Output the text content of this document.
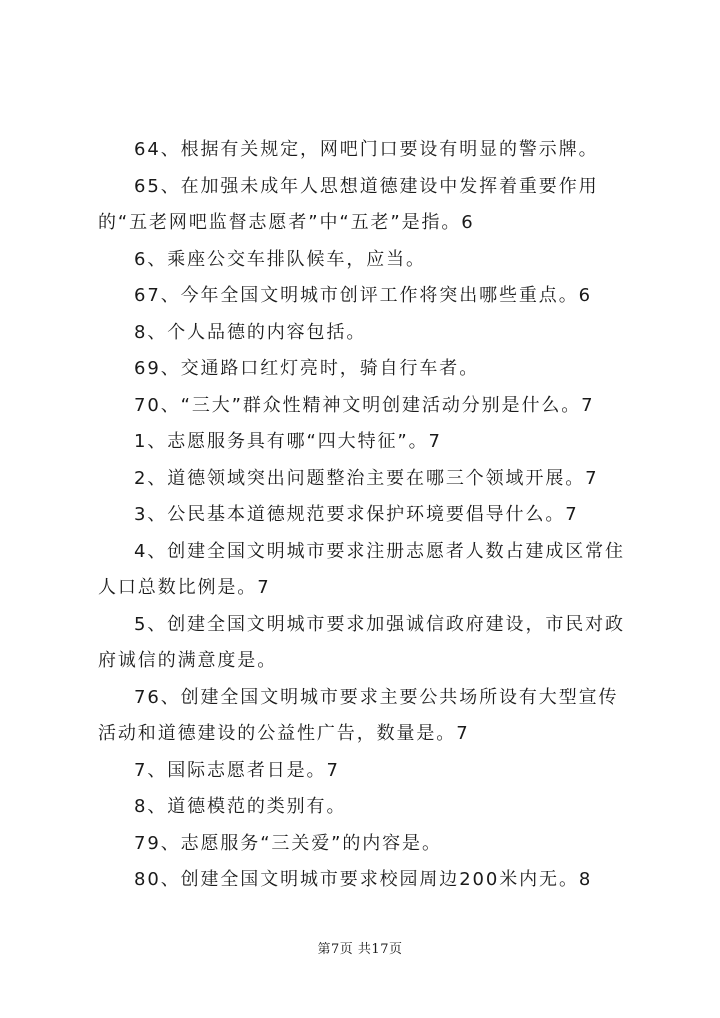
64、根据有关规定，网吧门口要设有明显的警示牌。

65、在加强未成年人思想道德建设中发挥着重要作用的“五老网吧监督志愿者”中“五老”是指。6

6、乘座公交车排队候车，应当。

67、今年全国文明城市创评工作将突出哪些重点。6

8、个人品德的内容包括。

69、交通路口红灯亮时，骑自行车者。

70、“三大”群众性精神文明创建活动分别是什么。7

1、志愿服务具有哪“四大特征”。7

2、道德领域突出问题整治主要在哪三个领域开展。7

3、公民基本道德规范要求保护环境要倡导什么。7

4、创建全国文明城市要求注册志愿者人数占建成区常住人口总数比例是。7

5、创建全国文明城市要求加强诚信政府建设，市民对政府诚信的满意度是。

76、创建全国文明城市要求主要公共场所设有大型宣传活动和道德建设的公益性广告，数量是。7

7、国际志愿者日是。7

8、道德模范的类别有。

79、志愿服务“三关爱”的内容是。

80、创建全国文明城市要求校园周边200米内无。8

第7页 共17页
